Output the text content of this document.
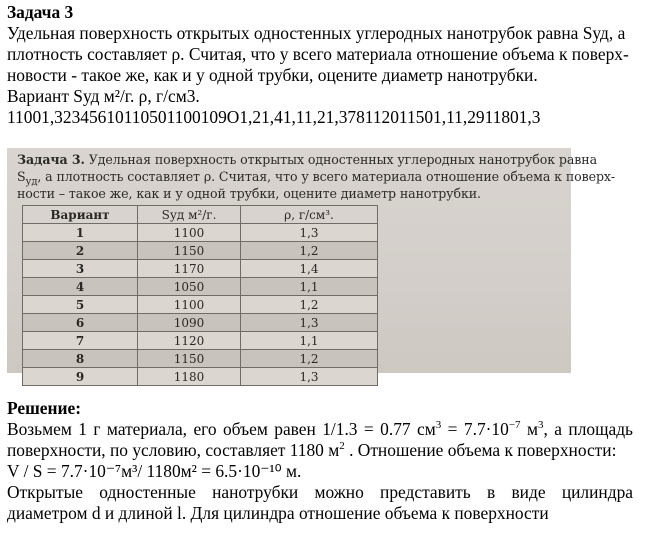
Задача 3
Удельная поверхность открытых одностенных углеродных нанотрубок равна Sуд, а плотность составляет ρ. Считая, что у всего материала отношение объема к поверх-новости - такое же, как и у одной трубки, оцените диаметр нанотрубки.
Вариант Sуд м²/г. ρ, г/см3.
11001,32345610110501100109О1,21,41,11,21,378112011501,11,2911801,3
Задача 3. Удельная поверхность открытых одностенных углеродных нанотрубок равна
$S_{уд}$, а плотность составляет ρ. Считая, что у всего материала отношение объема к поверх-
ности – такое же, как и у одной трубки, оцените диаметр нанотрубки.
Вариант	Sуд м²/г.	ρ, г/см³.
1	1100	1,3
2	1150	1,2
3	1170	1,4
4	1050	1,1
5	1100	1,2
6	1090	1,3
7	1120	1,1
8	1150	1,2
9	1180	1,3
Решение:
Возьмем 1 г материала, его объем равен 1/1.3 = 0.77 $см^3 = 7.7\cdot 10^{-7}$ $м^3$, а площадь поверхности, по условию, составляет 1180 $м^2$ . Отношение объема к поверхности:
V / S = 7.7·10⁻⁷м³/ 1180м² = 6.5·10⁻¹⁰ м.
Открытые одностенные нанотрубки можно представить в виде цилиндра диаметром d и длиной l. Для цилиндра отношение объема к поверхности
